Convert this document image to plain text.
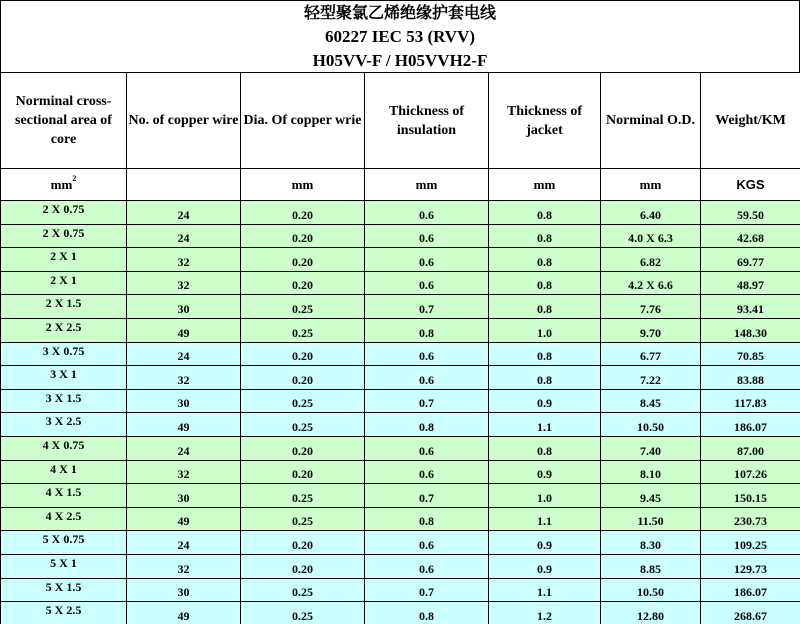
轻型聚氯乙烯绝缘护套电线
60227 IEC 53 (RVV)
H05VV-F / H05VVH2-F
Norminal cross-sectional area of core	No. of copper wire	Dia. Of copper wrie	Thickness of insulation	Thickness of jacket	Norminal O.D.	Weight/KM
$mm^2$		mm	mm	mm	mm	KGS
2 X 0.75	24	0.20	0.6	0.8	6.40	59.50
2 X 0.75	24	0.20	0.6	0.8	4.0 X 6.3	42.68
2 X 1	32	0.20	0.6	0.8	6.82	69.77
2 X 1	32	0.20	0.6	0.8	4.2 X 6.6	48.97
2 X 1.5	30	0.25	0.7	0.8	7.76	93.41
2 X 2.5	49	0.25	0.8	1.0	9.70	148.30
3 X 0.75	24	0.20	0.6	0.8	6.77	70.85
3 X 1	32	0.20	0.6	0.8	7.22	83.88
3 X 1.5	30	0.25	0.7	0.9	8.45	117.83
3 X 2.5	49	0.25	0.8	1.1	10.50	186.07
4 X 0.75	24	0.20	0.6	0.8	7.40	87.00
4 X 1	32	0.20	0.6	0.9	8.10	107.26
4 X 1.5	30	0.25	0.7	1.0	9.45	150.15
4 X 2.5	49	0.25	0.8	1.1	11.50	230.73
5 X 0.75	24	0.20	0.6	0.9	8.30	109.25
5 X 1	32	0.20	0.6	0.9	8.85	129.73
5 X 1.5	30	0.25	0.7	1.1	10.50	186.07
5 X 2.5	49	0.25	0.8	1.2	12.80	268.67
